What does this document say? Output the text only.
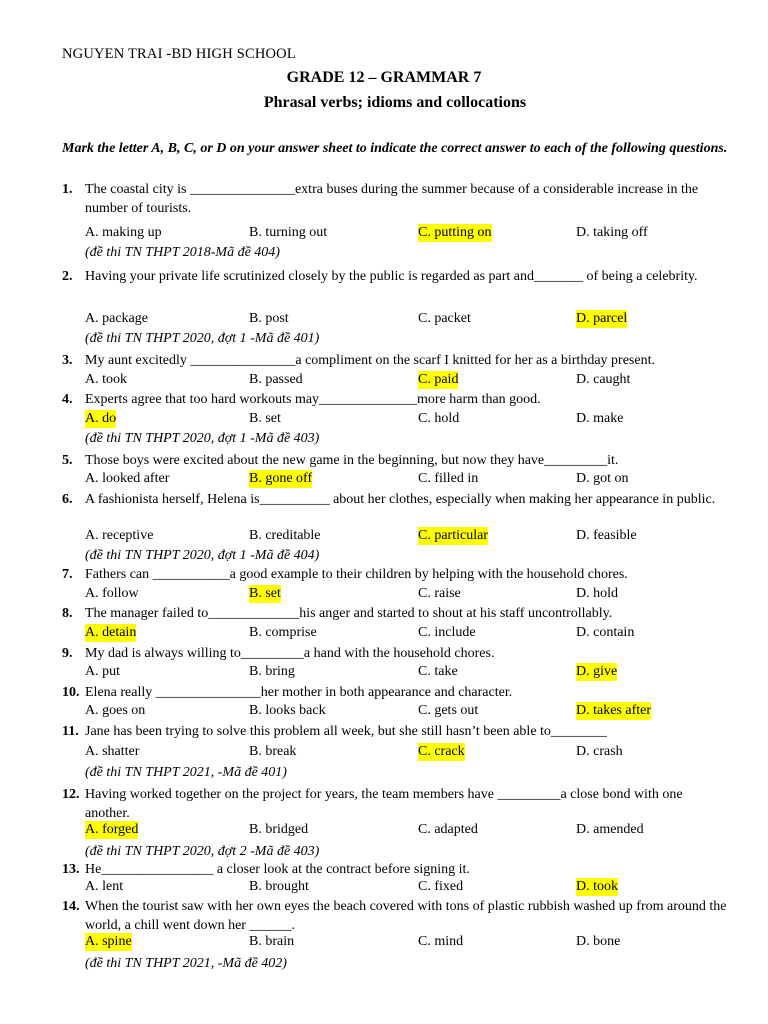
NGUYEN TRAI -BD HIGH SCHOOL
GRADE 12 – GRAMMAR 7
Phrasal verbs; idioms and collocations
Mark the letter A, B, C, or D on your answer sheet to indicate the correct answer to each of the following questions.
1. The coastal city is _______________extra buses during the summer because of a considerable increase in the number of tourists.
A. making up	B. turning out	C. putting on	D. taking off
(đề thi TN THPT 2018-Mã đề 404)
2. Having your private life scrutinized closely by the public is regarded as part and_______ of being a celebrity.
A. package	B. post	C. packet	D. parcel
(đề thi TN THPT 2020, đợt 1 -Mã đề 401)
3. My aunt excitedly _______________a compliment on the scarf I knitted for her as a birthday present.
A. took	B. passed	C. paid	D. caught
4. Experts agree that too hard workouts may______________more harm than good.
A. do	B. set	C. hold	D. make
(đề thi TN THPT 2020, đợt 1 -Mã đề 403)
5. Those boys were excited about the new game in the beginning, but now they have_________it.
A. looked after	B. gone off	C. filled in	D. got on
6. A fashionista herself, Helena is__________ about her clothes, especially when making her appearance in public.
A. receptive	B. creditable	C. particular	D. feasible
(đề thi TN THPT 2020, đợt 1 -Mã đề 404)
7. Fathers can ___________a good example to their children by helping with the household chores.
A. follow	B. set	C. raise	D. hold
8. The manager failed to_____________his anger and started to shout at his staff uncontrollably.
A. detain	B. comprise	C. include	D. contain
9. My dad is always willing to_________a hand with the household chores.
A. put	B. bring	C. take	D. give
10. Elena really _______________her mother in both appearance and character.
A. goes on	B. looks back	C. gets out	D. takes after
11. Jane has been trying to solve this problem all week, but she still hasn’t been able to________
A. shatter	B. break	C. crack	D. crash
(đề thi TN THPT 2021, -Mã đề 401)
12. Having worked together on the project for years, the team members have _________a close bond with one another.
A. forged	B. bridged	C. adapted	D. amended
(đề thi TN THPT 2020, đợt 2 -Mã đề 403)
13. He________________ a closer look at the contract before signing it.
A. lent	B. brought	C. fixed	D. took
14. When the tourist saw with her own eyes the beach covered with tons of plastic rubbish washed up from around the world, a chill went down her ______.
A. spine	B. brain	C. mind	D. bone
(đề thi TN THPT 2021, -Mã đề 402)
